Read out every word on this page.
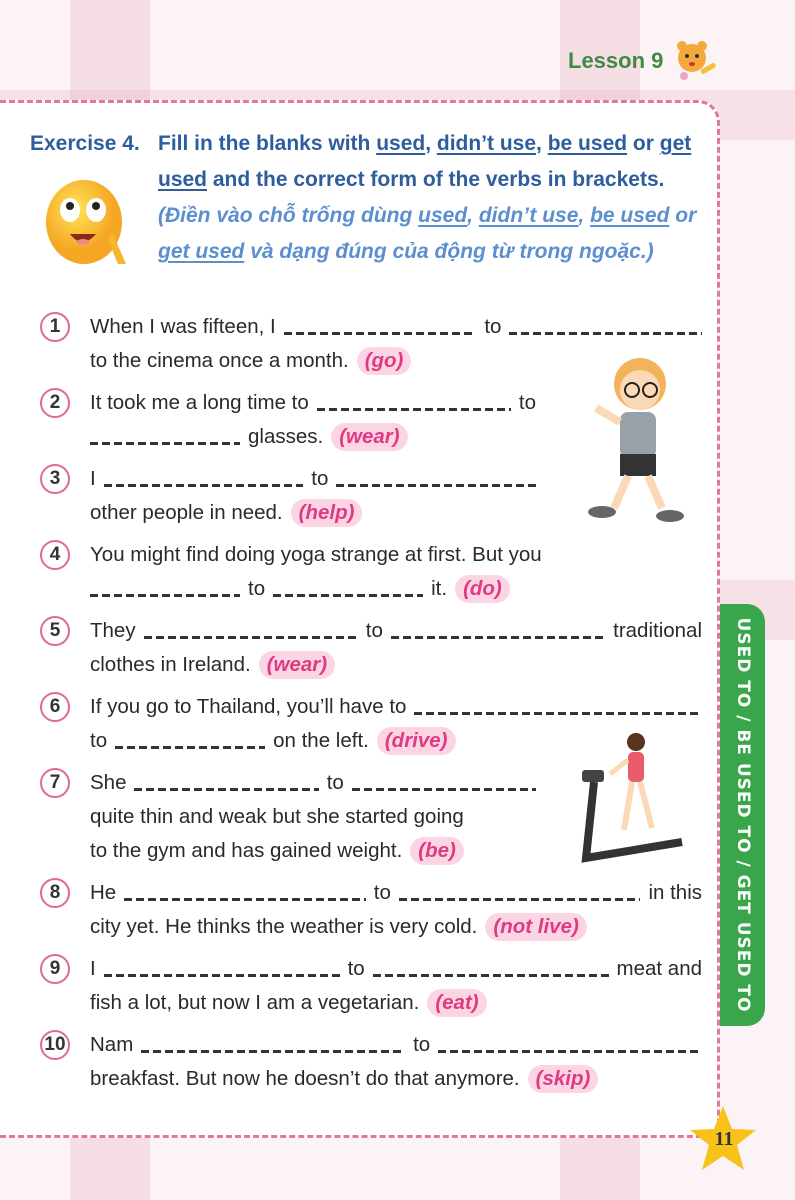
Lesson 9
Exercise 4. Fill in the blanks with used, didn’t use, be used or get used and the correct form of the verbs in brackets. (Điền vào chỗ trống dùng used, didn’t use, be used or get used và dạng đúng của động từ trong ngoặc.)
1	When I was fifteen, I	to
to the cinema once a month. (go)
2	It took me a long time to	to
glasses. (wear)
3	I	to
other people in need. (help)
4	You might find doing yoga strange at first. But you
to	it. (do)
5	They	to	traditional
clothes in Ireland. (wear)
6	If you go to Thailand, you’ll have to
to	on the left. (drive)
7	She	to
quite thin and weak but she started going
to the gym and has gained weight. (be)
8	He	to	in this
city yet. He thinks the weather is very cold. (not live)
9	I	to	meat and
fish a lot, but now I am a vegetarian. (eat)
10 Nam	to
breakfast. But now he doesn’t do that anymore. (skip)
USED TO / BE USED TO / GET USED TO
11
